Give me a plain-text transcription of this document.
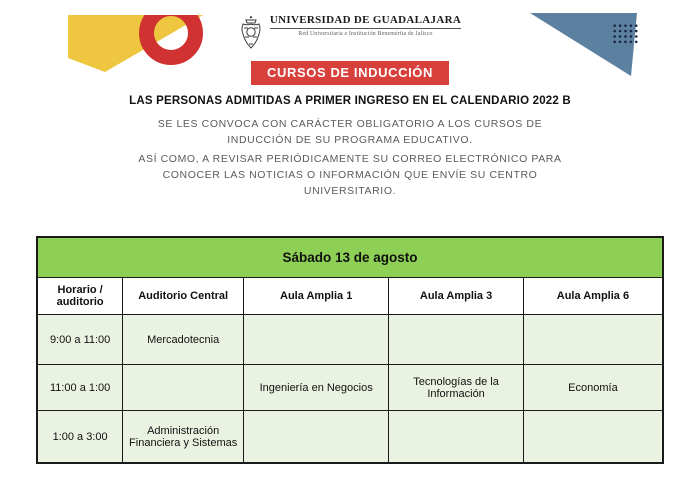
UNIVERSIDAD DE GUADALAJARA
Red Universitaria e Institución Benemérita de Jalisco
CURSOS DE INDUCCIÓN
LAS PERSONAS ADMITIDAS A PRIMER INGRESO EN EL CALENDARIO 2022 B
SE LES CONVOCA CON CARÁCTER OBLIGATORIO A LOS CURSOS DE INDUCCIÓN DE SU PROGRAMA EDUCATIVO.
ASÍ COMO, A REVISAR PERIÓDICAMENTE SU CORREO ELECTRÓNICO PARA CONOCER LAS NOTICIAS O INFORMACIÓN QUE ENVÍE SU CENTRO UNIVERSITARIO.
Sábado 13 de agosto				
Horario / auditorio	Auditorio Central	Aula Amplia 1	Aula Amplia 3	Aula Amplia 6
9:00 a 11:00	Mercadotecnia			
11:00 a 1:00		Ingeniería en Negocios	Tecnologías de la Información	Economía
1:00 a 3:00	Administración Financiera y Sistemas			
